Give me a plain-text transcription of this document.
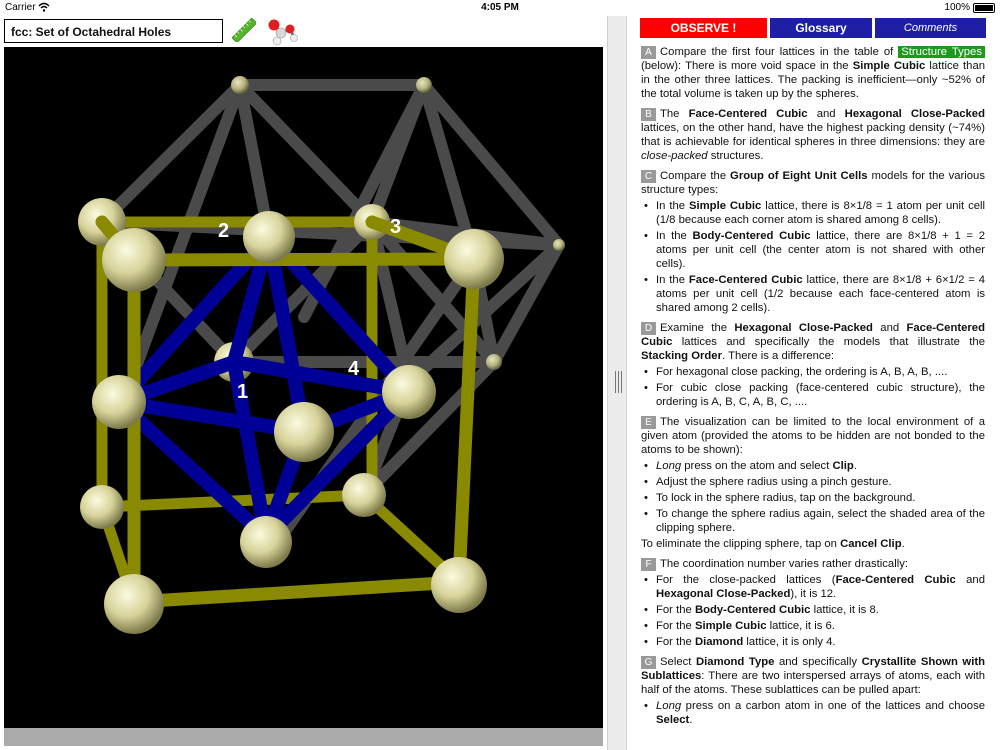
Carrier	4:05 PM	100%
fcc: Set of Octahedral Holes
1
2	3
4
OBSERVE !	Glossary	Comments
A Compare the first four lattices in the table of Structure Types (below): There is more void space in the Simple Cubic lattice than in the other three lattices. The packing is inefficient—only ~52% of the total volume is taken up by the spheres.
B The Face-Centered Cubic and Hexagonal Close-Packed lattices, on the other hand, have the highest packing density (~74%) that is achievable for identical spheres in three dimensions: they are close-packed structures.
C Compare the Group of Eight Unit Cells models for the various structure types:
• In the Simple Cubic lattice, there is 8×1/8 = 1 atom per unit cell (1/8 because each corner atom is shared among 8 cells).
• In the Body-Centered Cubic lattice, there are 8×1/8 + 1 = 2 atoms per unit cell (the center atom is not shared with other cells).
• In the Face-Centered Cubic lattice, there are 8×1/8 + 6×1/2 = 4 atoms per unit cell (1/2 because each face-centered atom is shared among 2 cells).
D Examine the Hexagonal Close-Packed and Face-Centered Cubic lattices and specifically the models that illustrate the Stacking Order. There is a difference:
• For hexagonal close packing, the ordering is A, B, A, B, ....
• For cubic close packing (face-centered cubic structure), the ordering is A, B, C, A, B, C, ....
E The visualization can be limited to the local environment of a given atom (provided the atoms to be hidden are not bonded to the atoms to be shown):
• Long press on the atom and select Clip.
• Adjust the sphere radius using a pinch gesture.
• To lock in the sphere radius, tap on the background.
• To change the sphere radius again, select the shaded area of the clipping sphere.
To eliminate the clipping sphere, tap on Cancel Clip.
F The coordination number varies rather drastically:
• For the close-packed lattices (Face-Centered Cubic and Hexagonal Close-Packed), it is 12.
• For the Body-Centered Cubic lattice, it is 8.
• For the Simple Cubic lattice, it is 6.
• For the Diamond lattice, it is only 4.
G Select Diamond Type and specifically Crystallite Shown with Sublattices: There are two interspersed arrays of atoms, each with half of the atoms. These sublattices can be pulled apart:
• Long press on a carbon atom in one of the lattices and choose Select.
